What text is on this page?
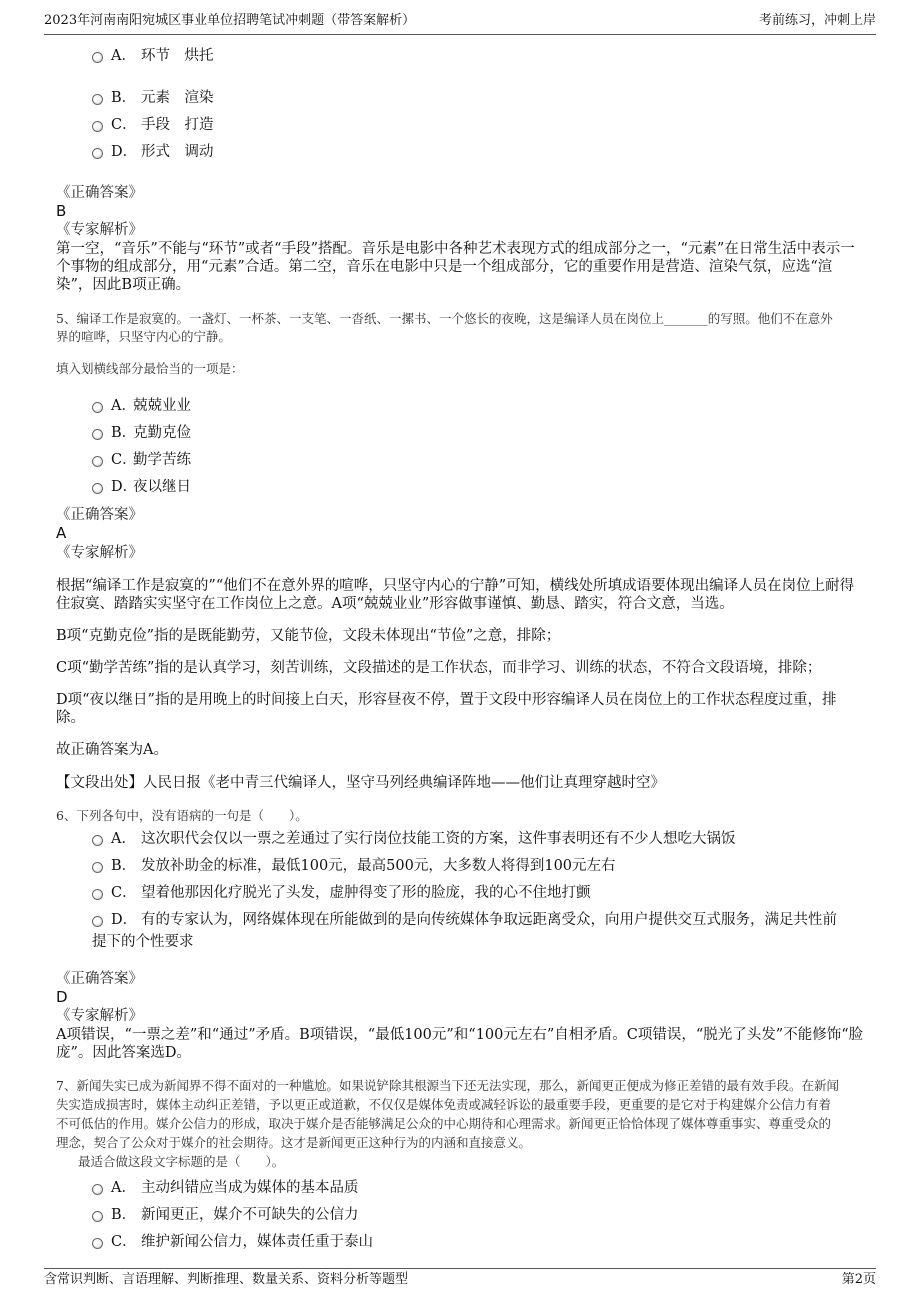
2023年河南南阳宛城区事业单位招聘笔试冲刺题（带答案解析）	考前练习，冲刺上岸
A． 环节　烘托
B． 元素　渲染
C． 手段　打造
D． 形式　调动
《正确答案》
B
《专家解析》
第一空，“音乐”不能与“环节”或者“手段”搭配。音乐是电影中各种艺术表现方式的组成部分之一，“元素”在日常生活中表示一
个事物的组成部分，用“元素”合适。第二空，音乐在电影中只是一个组成部分，它的重要作用是营造、渲染气氛，应选“渲
染”，因此B项正确。
5、编译工作是寂寞的。一盏灯、一杯茶、一支笔、一沓纸、一摞书、一个悠长的夜晚，这是编译人员在岗位上_______的写照。他们不在意外
界的喧哗，只坚守内心的宁静。
填入划横线部分最恰当的一项是：
A．
兢兢业业
B．
克勤克俭
C．
勤学苦练
D．
夜以继日
《正确答案》
A
《专家解析》
根据“编译工作是寂寞的”“他们不在意外界的喧哗，只坚守内心的宁静”可知，横线处所填成语要体现出编译人员在岗位上耐得
住寂寞、踏踏实实坚守在工作岗位上之意。A项“兢兢业业”形容做事谨慎、勤恳、踏实，符合文意，当选。
B项“克勤克俭”指的是既能勤劳，又能节俭，文段未体现出“节俭”之意，排除；
C项“勤学苦练”指的是认真学习，刻苦训练，文段描述的是工作状态，而非学习、训练的状态，不符合文段语境，排除；
D项“夜以继日”指的是用晚上的时间接上白天，形容昼夜不停，置于文段中形容编译人员在岗位上的工作状态程度过重，排
除。
故正确答案为A。
【文段出处】人民日报《老中青三代编译人，坚守马列经典编译阵地——他们让真理穿越时空》
6、下列各句中，没有语病的一句是（　　）。
A． 这次职代会仅以一票之差通过了实行岗位技能工资的方案，这件事表明还有不少人想吃大锅饭
B． 发放补助金的标准，最低100元，最高500元，大多数人将得到100元左右
C． 望着他那因化疗脱光了头发，虚肿得变了形的脸庞，我的心不住地打颤
D． 有的专家认为，网络媒体现在所能做到的是向传统媒体争取远距离受众，向用户提供交互式服务，满足共性前
提下的个性要求
《正确答案》
D
《专家解析》
A项错误，“一票之差”和“通过”矛盾。B项错误，“最低100元”和“100元左右”自相矛盾。C项错误，“脱光了头发”不能修饰“脸
庞”。因此答案选D。
7、新闻失实已成为新闻界不得不面对的一种尴尬。如果说铲除其根源当下还无法实现，那么，新闻更正便成为修正差错的最有效手段。在新闻
失实造成损害时，媒体主动纠正差错，予以更正或道歉，不仅仅是媒体免责或减轻诉讼的最重要手段，更重要的是它对于构建媒介公信力有着
不可低估的作用。媒介公信力的形成，取决于媒介是否能够满足公众的中心期待和心理需求。新闻更正恰恰体现了媒体尊重事实、尊重受众的
理念，契合了公众对于媒介的社会期待。这才是新闻更正这种行为的内涵和直接意义。
最适合做这段文字标题的是（　　）。
A． 主动纠错应当成为媒体的基本品质
B． 新闻更正，媒介不可缺失的公信力
C． 维护新闻公信力，媒体责任重于泰山
含常识判断、言语理解、判断推理、数量关系、资料分析等题型	第2页
